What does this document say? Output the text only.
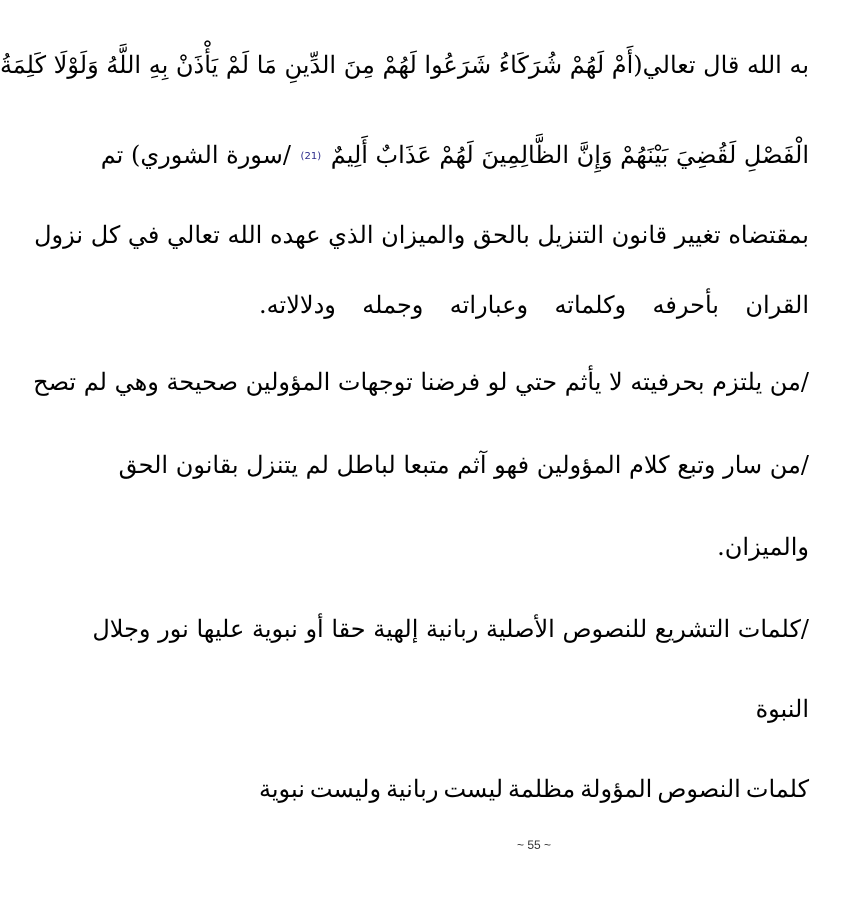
به الله قال تعالي(أَمْ لَهُمْ شُرَكَاءُ شَرَعُوا لَهُمْ مِنَ الدِّينِ مَا لَمْ يَأْذَنْ بِهِ اللَّهُ وَلَوْلَا كَلِمَةُ
الْفَصْلِ لَقُضِيَ بَيْنَهُمْ وَإِنَّ الظَّالِمِينَ لَهُمْ عَذَابٌ أَلِيمٌ (21) /سورة الشوري) تم
بمقتضاه تغيير قانون التنزيل بالحق والميزان الذي عهده الله تعالي في كل نزول
القران
بأحرفه
وكلماته
وعباراته
وجمله
ودلالاته.
/من يلتزم بحرفيته لا يأثم حتي لو فرضنا توجهات المؤولين صحيحة وهي لم تصح
/من سار وتبع كلام المؤولين فهو آثم متبعا لباطل لم يتنزل بقانون الحق
والميزان.
/كلمات التشريع للنصوص الأصلية ربانية إلهية حقا أو نبوية عليها نور وجلال
النبوة
كلمات
النصوص
المؤولة
مظلمة
ليست
ربانية
وليست
نبوية
~ 55 ~
